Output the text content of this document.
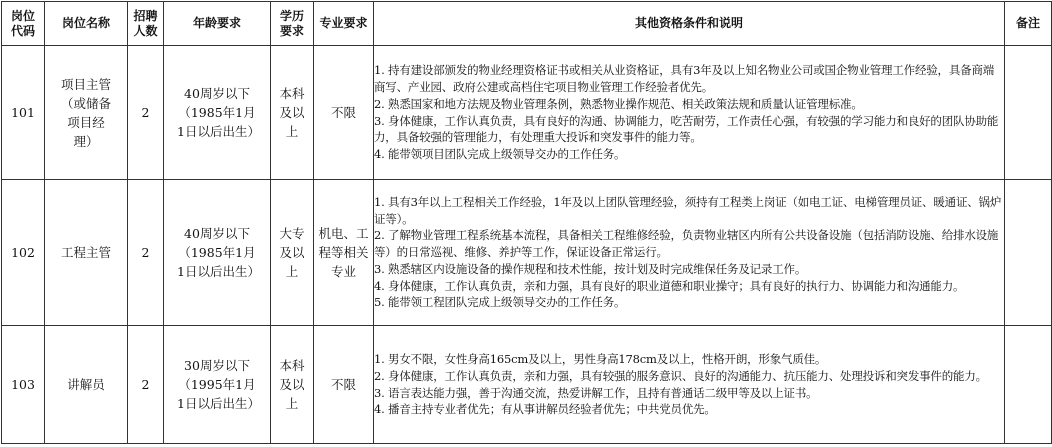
岗位代码	岗位名称	招聘人数	年龄要求	学历要求	专业要求	其他资格条件和说明	备注
101	项目主管（或储备项目经理）	2	40周岁以下（1985年1月1日以后出生）	本科及以上	不限	1. 持有建设部颁发的物业经理资格证书或相关从业资格证，具有3年及以上知名物业公司或国企物业管理工作经验，具备商端商写、产业园、政府公建或高档住宅项目物业管理工作经验者优先。
2. 熟悉国家和地方法规及物业管理条例，熟悉物业操作规范、相关政策法规和质量认证管理标准。
3. 身体健康，工作认真负责，具有良好的沟通、协调能力，吃苦耐劳，工作责任心强，有较强的学习能力和良好的团队协助能力，具备较强的管理能力，有处理重大投诉和突发事件的能力等。
4. 能带领项目团队完成上级领导交办的工作任务。	

102	工程主管	2	40周岁以下（1985年1月1日以后出生）	大专及以上	机电、工程等相关专业	1. 具有3年以上工程相关工作经验，1年及以上团队管理经验，须持有工程类上岗证（如电工证、电梯管理员证、暖通证、锅炉证等）。
2. 了解物业管理工程系统基本流程，具备相关工程维修经验，负责物业辖区内所有公共设备设施（包括消防设施、给排水设施等）的日常巡视、维修、养护等工作，保证设备正常运行。
3. 熟悉辖区内设施设备的操作规程和技术性能，按计划及时完成维保任务及记录工作。
4. 身体健康，工作认真负责，亲和力强，具有良好的职业道德和职业操守；具有良好的执行力、协调能力和沟通能力。
5. 能带领工程团队完成上级领导交办的工作任务。	

103	讲解员	2	30周岁以下（1995年1月1日以后出生）	本科及以上	不限	1. 男女不限，女性身高165cm及以上，男性身高178cm及以上，性格开朗，形象气质佳。
2. 身体健康，工作认真负责，亲和力强，具有较强的服务意识、良好的沟通能力、抗压能力、处理投诉和突发事件的能力。
3. 语言表达能力强，善于沟通交流，热爱讲解工作，且持有普通话二级甲等及以上证书。
4. 播音主持专业者优先；有从事讲解员经验者优先；中共党员优先。	
